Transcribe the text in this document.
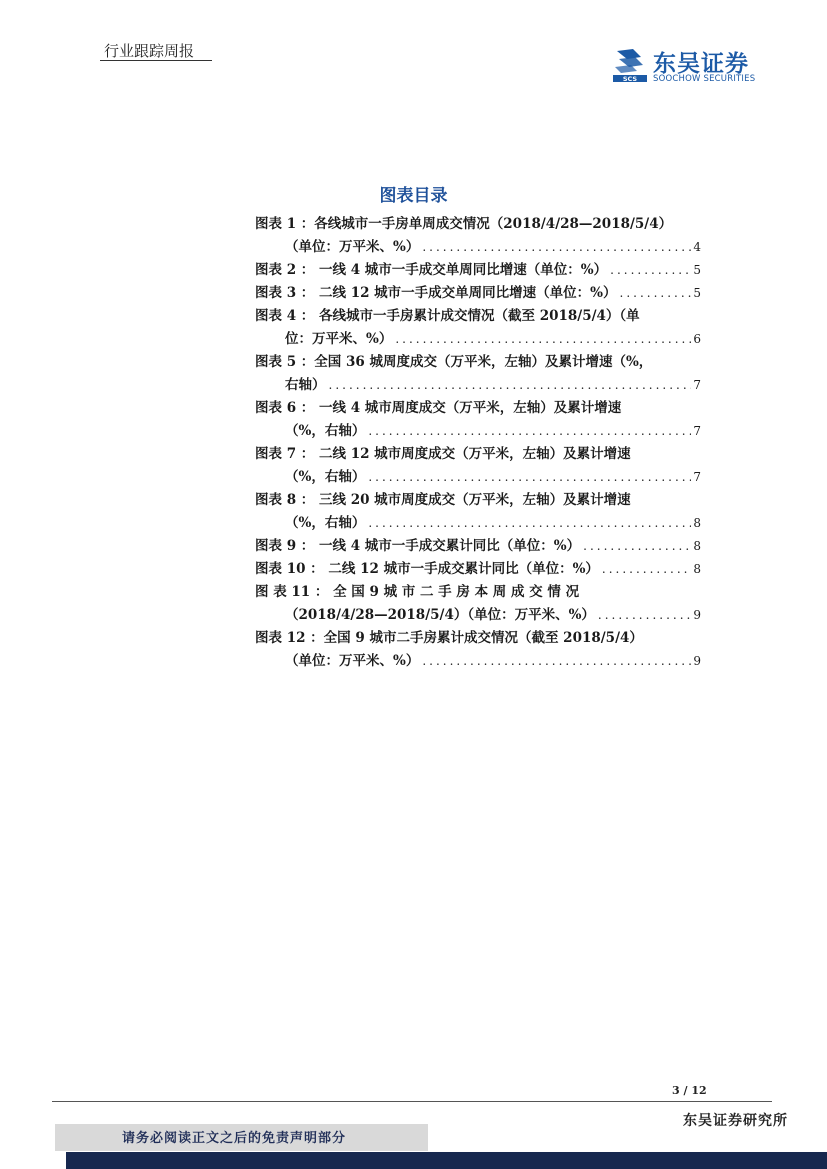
行业跟踪周报
SCS
东吴证券
SOOCHOW SECURITIES
图表目录
图表 1 ：各线城市一手房单周成交情况（2018/4/28—2018/5/4）
（单位：万平米、%） .....	4
图表 2 ： 一线 4 城市一手成交单周同比增速（单位：%） .....	5
图表 3 ： 二线 12 城市一手成交单周同比增速（单位：%） .....	5
图表 4 ： 各线城市一手房累计成交情况（截至 2018/5/4）（单
位：万平米、%） .....	6
图表 5 ：全国 36 城周度成交（万平米，左轴）及累计增速（%，
右轴） .....	7
图表 6 ： 一线 4 城市周度成交（万平米，左轴）及累计增速
（%，右轴） .....	7
图表 7 ： 二线 12 城市周度成交（万平米，左轴）及累计增速
（%，右轴） .....	7
图表 8 ： 三线 20 城市周度成交（万平米，左轴）及累计增速
（%，右轴） .....	8
图表 9 ： 一线 4 城市一手成交累计同比（单位：%） .....	8
图表 10 ： 二线 12 城市一手成交累计同比（单位：%） .....	8
图 表 11 ： 全 国 9 城 市 二 手 房 本 周 成 交 情 况
（2018/4/28—2018/5/4）（单位：万平米、%） .....	9
图表 12 ：全国 9 城市二手房累计成交情况（截至 2018/5/4）
（单位：万平米、%） .....	9
3 / 12
东吴证券研究所
请务必阅读正文之后的免责声明部分
